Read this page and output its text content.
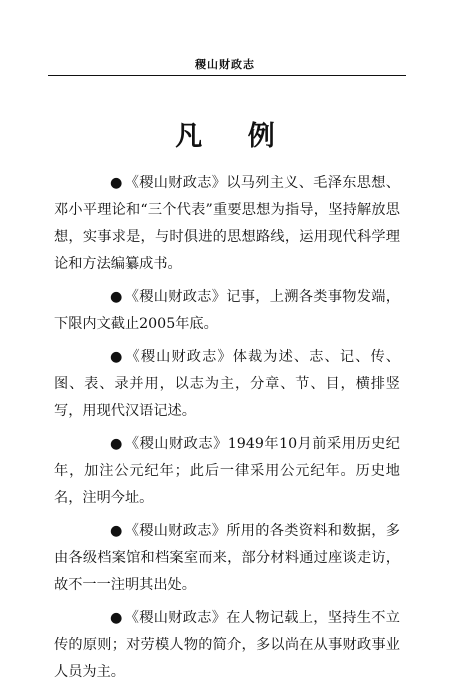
稷山财政志
凡 例

● 《稷山财政志》以马列主义、毛泽东思想、邓小平理论和“三个代表”重要思想为指导，坚持解放思想，实事求是，与时俱进的思想路线，运用现代科学理论和方法编纂成书。

● 《稷山财政志》记事，上溯各类事物发端，下限内文截止2005年底。

● 《稷山财政志》体裁为述、志、记、传、图、表、录并用，以志为主，分章、节、目，横排竖写，用现代汉语记述。

● 《稷山财政志》1949年10月前采用历史纪年，加注公元纪年；此后一律采用公元纪年。历史地名，注明今址。

● 《稷山财政志》所用的各类资料和数据，多由各级档案馆和档案室而来，部分材料通过座谈走访，故不一一注明其出处。

● 《稷山财政志》在人物记载上，坚持生不立传的原则；对劳模人物的简介，多以尚在从事财政事业人员为主。
